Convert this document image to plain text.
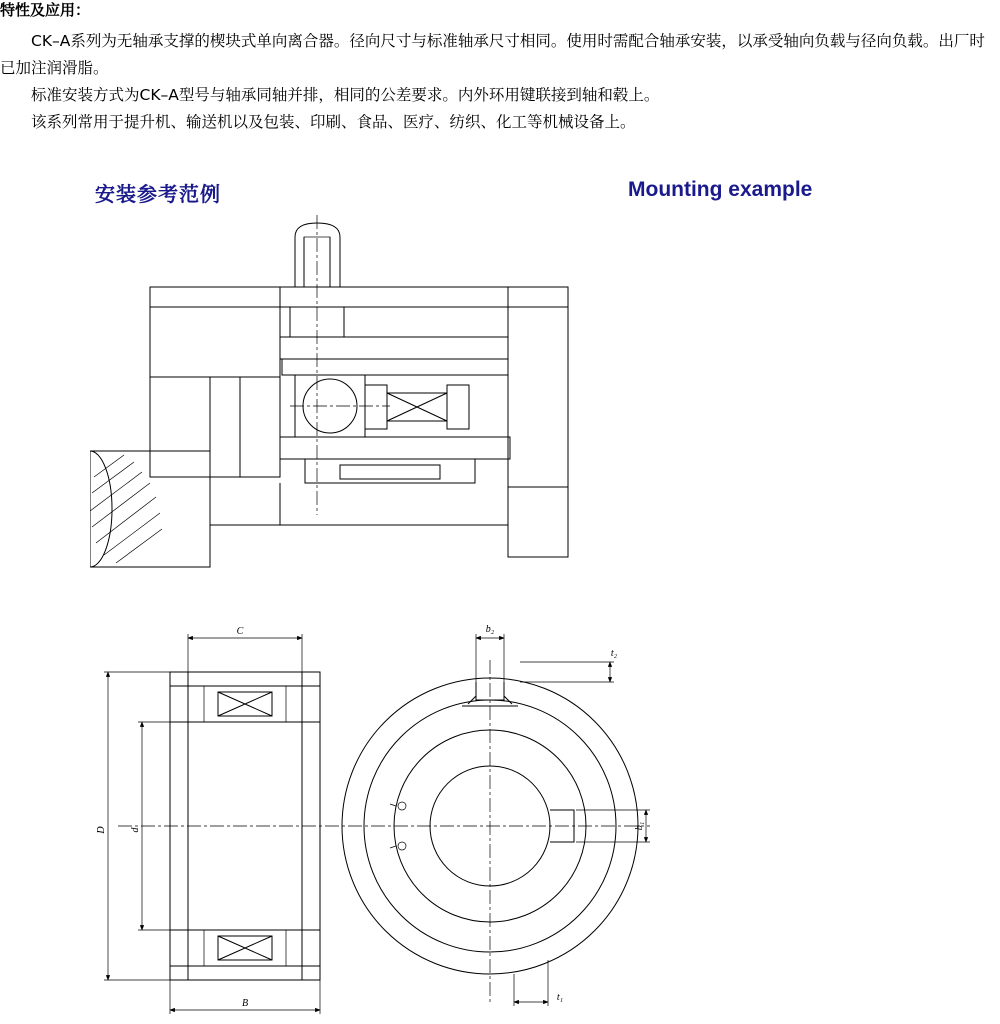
特性及应用：

CK–A系列为无轴承支撑的楔块式单向离合器。径向尺寸与标准轴承尺寸相同。使用时需配合轴承安装，以承受轴向负载与径向负载。出厂时已加注润滑脂。

标准安装方式为CK–A型号与轴承同轴并排，相同的公差要求。内外环用键联接到轴和毂上。

该系列常用于提升机、输送机以及包装、印刷、食品、医疗、纺织、化工等机械设备上。

安装参考范例	Mounting example
C
B
D d
b₂
t₂
b₁
t₁
